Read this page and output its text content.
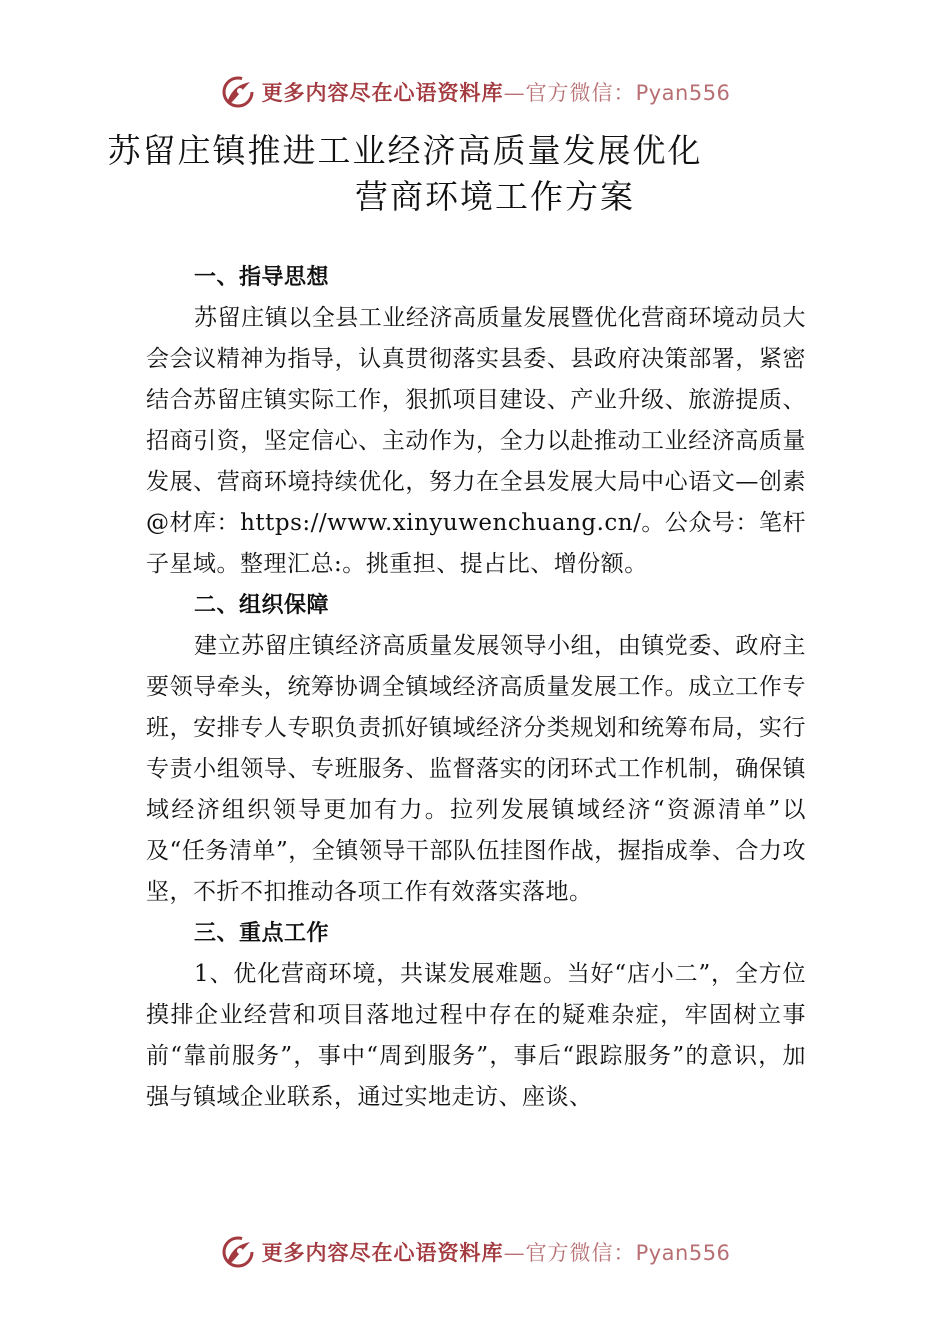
更多内容尽在心语资料库—官方微信：Pyan556
苏留庄镇推进工业经济高质量发展优化
营商环境工作方案
一、指导思想

苏留庄镇以全县工业经济高质量发展暨优化营商环境动员大会会议精神为指导，认真贯彻落实县委、县政府决策部署，紧密结合苏留庄镇实际工作，狠抓项目建设、产业升级、旅游提质、招商引资，坚定信心、主动作为，全力以赴推动工业经济高质量发展、营商环境持续优化，努力在全县发展大局中心语文—创素@材库：https://www.xinyuwenchuang.cn/。公众号：笔杆子星域。整理汇总:。挑重担、提占比、增份额。

二、组织保障

建立苏留庄镇经济高质量发展领导小组，由镇党委、政府主要领导牵头，统筹协调全镇域经济高质量发展工作。成立工作专班，安排专人专职负责抓好镇域经济分类规划和统筹布局，实行专责小组领导、专班服务、监督落实的闭环式工作机制，确保镇域经济组织领导更加有力。拉列发展镇域经济“资源清单”以及“任务清单”，全镇领导干部队伍挂图作战，握指成拳、合力攻坚，不折不扣推动各项工作有效落实落地。

三、重点工作

1、优化营商环境，共谋发展难题。当好“店小二”，全方位摸排企业经营和项目落地过程中存在的疑难杂症，牢固树立事前“靠前服务”，事中“周到服务”，事后“跟踪服务”的意识，加强与镇域企业联系，通过实地走访、座谈、

更多内容尽在心语资料库—官方微信：Pyan556
